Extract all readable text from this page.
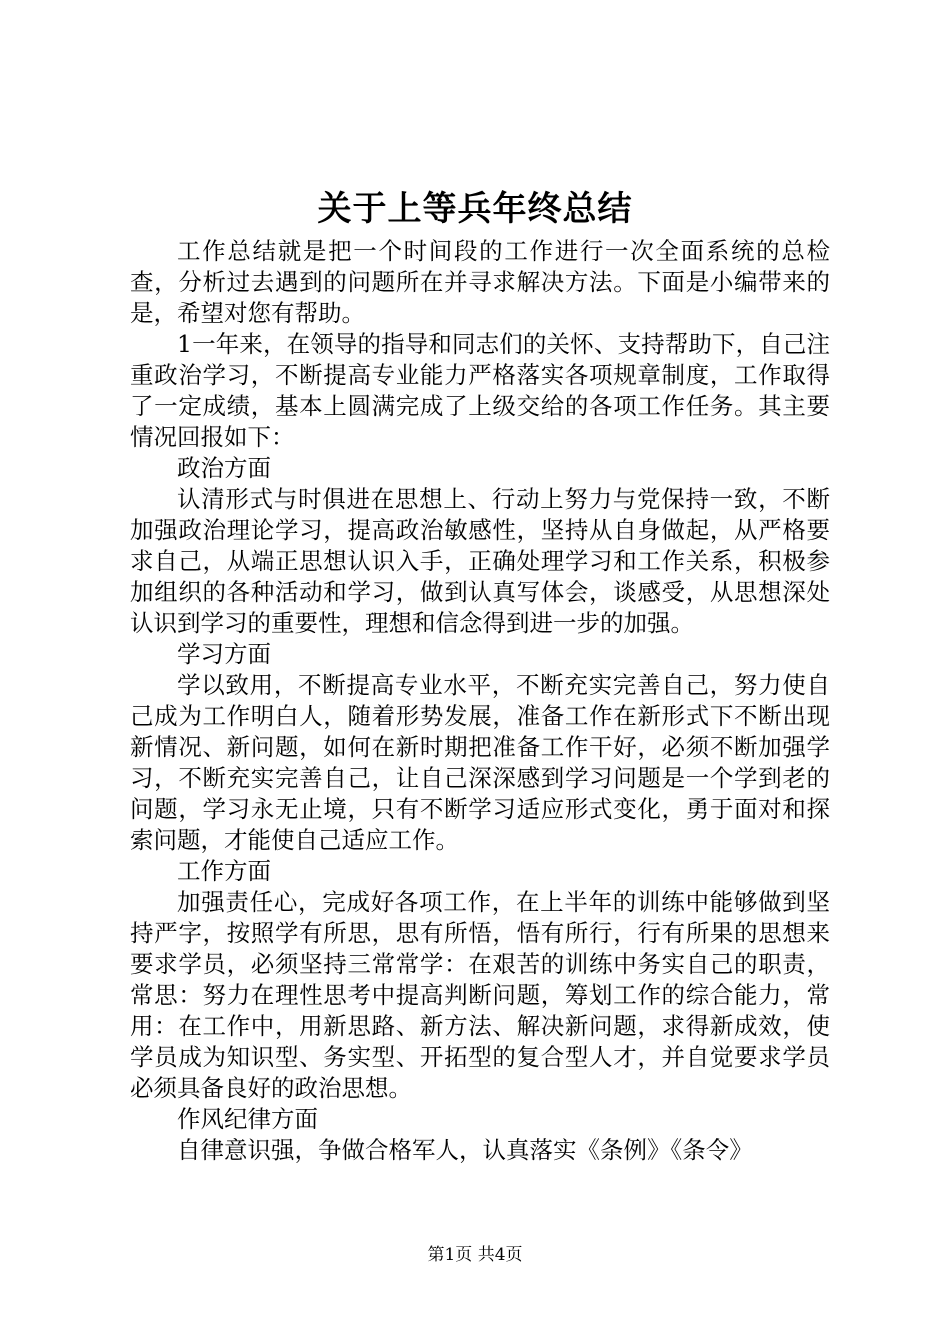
关于上等兵年终总结

工作总结就是把一个时间段的工作进行一次全面系统的总检查，分析过去遇到的问题所在并寻求解决方法。下面是小编带来的是，希望对您有帮助。

1一年来，在领导的指导和同志们的关怀、支持帮助下，自己注重政治学习，不断提高专业能力严格落实各项规章制度，工作取得了一定成绩，基本上圆满完成了上级交给的各项工作任务。其主要情况回报如下：

政治方面

认清形式与时俱进在思想上、行动上努力与党保持一致，不断加强政治理论学习，提高政治敏感性，坚持从自身做起，从严格要求自己，从端正思想认识入手，正确处理学习和工作关系，积极参加组织的各种活动和学习，做到认真写体会，谈感受，从思想深处认识到学习的重要性，理想和信念得到进一步的加强。

学习方面

学以致用，不断提高专业水平，不断充实完善自己，努力使自己成为工作明白人，随着形势发展，准备工作在新形式下不断出现新情况、新问题，如何在新时期把准备工作干好，必须不断加强学习，不断充实完善自己，让自己深深感到学习问题是一个学到老的问题，学习永无止境，只有不断学习适应形式变化，勇于面对和探索问题，才能使自己适应工作。

工作方面

加强责任心，完成好各项工作，在上半年的训练中能够做到坚持严字，按照学有所思，思有所悟，悟有所行，行有所果的思想来要求学员，必须坚持三常常学：在艰苦的训练中务实自己的职责，常思：努力在理性思考中提高判断问题，筹划工作的综合能力，常用：在工作中，用新思路、新方法、解决新问题，求得新成效，使学员成为知识型、务实型、开拓型的复合型人才，并自觉要求学员必须具备良好的政治思想。

作风纪律方面

自律意识强，争做合格军人，认真落实《条例》《条令》

第1页 共4页
